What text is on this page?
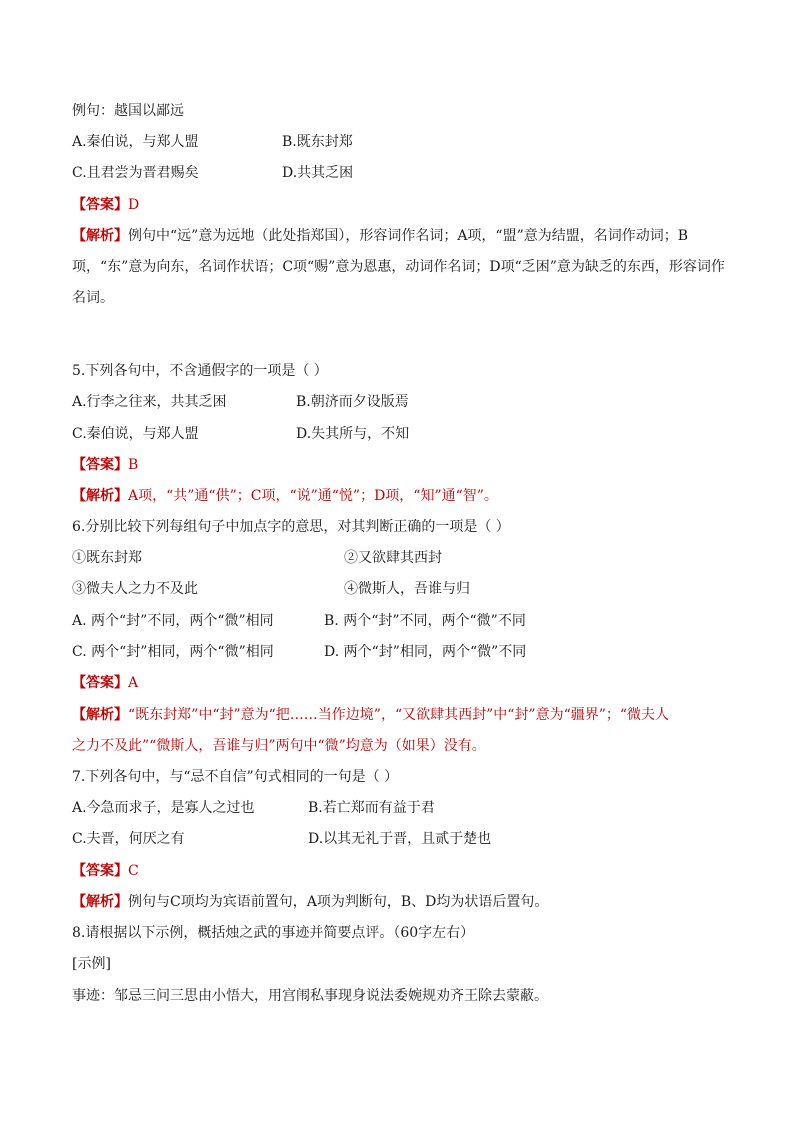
例句：越国以鄙远
A.秦伯说，与郑人盟	B.既东封郑
C.且君尝为晋君赐矣	D.共其乏困
【答案】D
【解析】例句中“远”意为远地（此处指郑国），形容词作名词；A项，“盟”意为结盟，名词作动词；B项，“东”意为向东，名词作状语；C项“赐”意为恩惠，动词作名词；D项“乏困”意为缺乏的东西，形容词作名词。
5.下列各句中，不含通假字的一项是（ ）
A.行李之往来，共其乏困	B.朝济而夕设版焉
C.秦伯说，与郑人盟	D.失其所与，不知
【答案】B
【解析】A项，“共”通“供”；C项，“说”通“悦”；D项，“知”通“智”。
6.分别比较下列每组句子中加点字的意思，对其判断正确的一项是（ ）
①既东封郑	②又欲肆其西封
③微夫人之力不及此	④微斯人，吾谁与归
A. 两个“封”不同，两个“微”相同	B. 两个“封”不同，两个“微”不同
C. 两个“封”相同，两个“微”相同	D. 两个“封”相同，两个“微”不同
【答案】A
【解析】“既东封郑”中“封”意为“把……当作边境”，“又欲肆其西封”中“封”意为“疆界”；“微夫人
之力不及此”“微斯人，吾谁与归”两句中“微”均意为（如果）没有。
7.下列各句中，与“忌不自信”句式相同的一句是（ ）
A.今急而求子，是寡人之过也	B.若亡郑而有益于君
C.夫晋，何厌之有	D.以其无礼于晋，且贰于楚也
【答案】C
【解析】例句与C项均为宾语前置句，A项为判断句，B、D均为状语后置句。
8.请根据以下示例，概括烛之武的事迹并简要点评。（60字左右）
[示例]
事迹：邹忌三问三思由小悟大，用宫闱私事现身说法委婉规劝齐王除去蒙蔽。
